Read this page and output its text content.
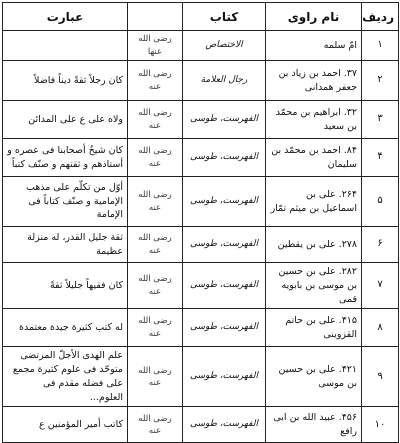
ردیف	نام راوی	کتاب		عبارت
۱	امّ سلمه	الاختصاص	رضی الله عنها	
۲	۳۷. احمد بن زیاد بن جعفر همدانی	رجال العلامة	رضی الله عنه	کان رجلاً ثقةً دیناً فاضلاً
۳	۳۲. ابراهیم بن محمّد بن سعید	الفهرست، طوسی	رضی الله عنه	ولاه علی ع علی المدائن
۴	۸۴. احمد بن محمّد بن سلیمان	الفهرست، طوسی	رضی الله عنه	کان شیخُ أصحابنا فی عصره و أستاذهم و ثقتهم و صنّف کتباً
۵	۲۶۴. علی بن اسماعیل بن میثم تمّار	الفهرست، طوسی	رضی الله عنه	أوّل من تکلّم علی مذهب الإمامیة و صنّف کتاباً فی الإمامة
۶	۲۷۸. علی بن یقطین	الفهرست، طوسی	رضی الله عنه	ثقة جلیل القدر، له منزلة عظیمة
۷	۲۸۲. علی بن حسین بن موسی بن بابویه قمی	الفهرست، طوسی	رضی الله عنه	کان فقیهاً جلیلاً ثقةً
۸	۴۱۵. علی بن حاتم القزوینی	الفهرست، طوسی	رضی الله عنه	له کتب کثیرة جیدة معتمدة
۹	۴۲۱. علی بن حسین بن موسی	الفهرست، طوسی	رضی الله عنه	علم الهدی الأجلّ المرتضی متوحّد فی علوم کثیرة مجمع علی فضله مقدم فی العلوم...
۱۰	۴۵۶. عبید الله بن ابی رافع	الفهرست، طوسی	رضی الله عنه	کاتب أمیر المؤمنین ع
